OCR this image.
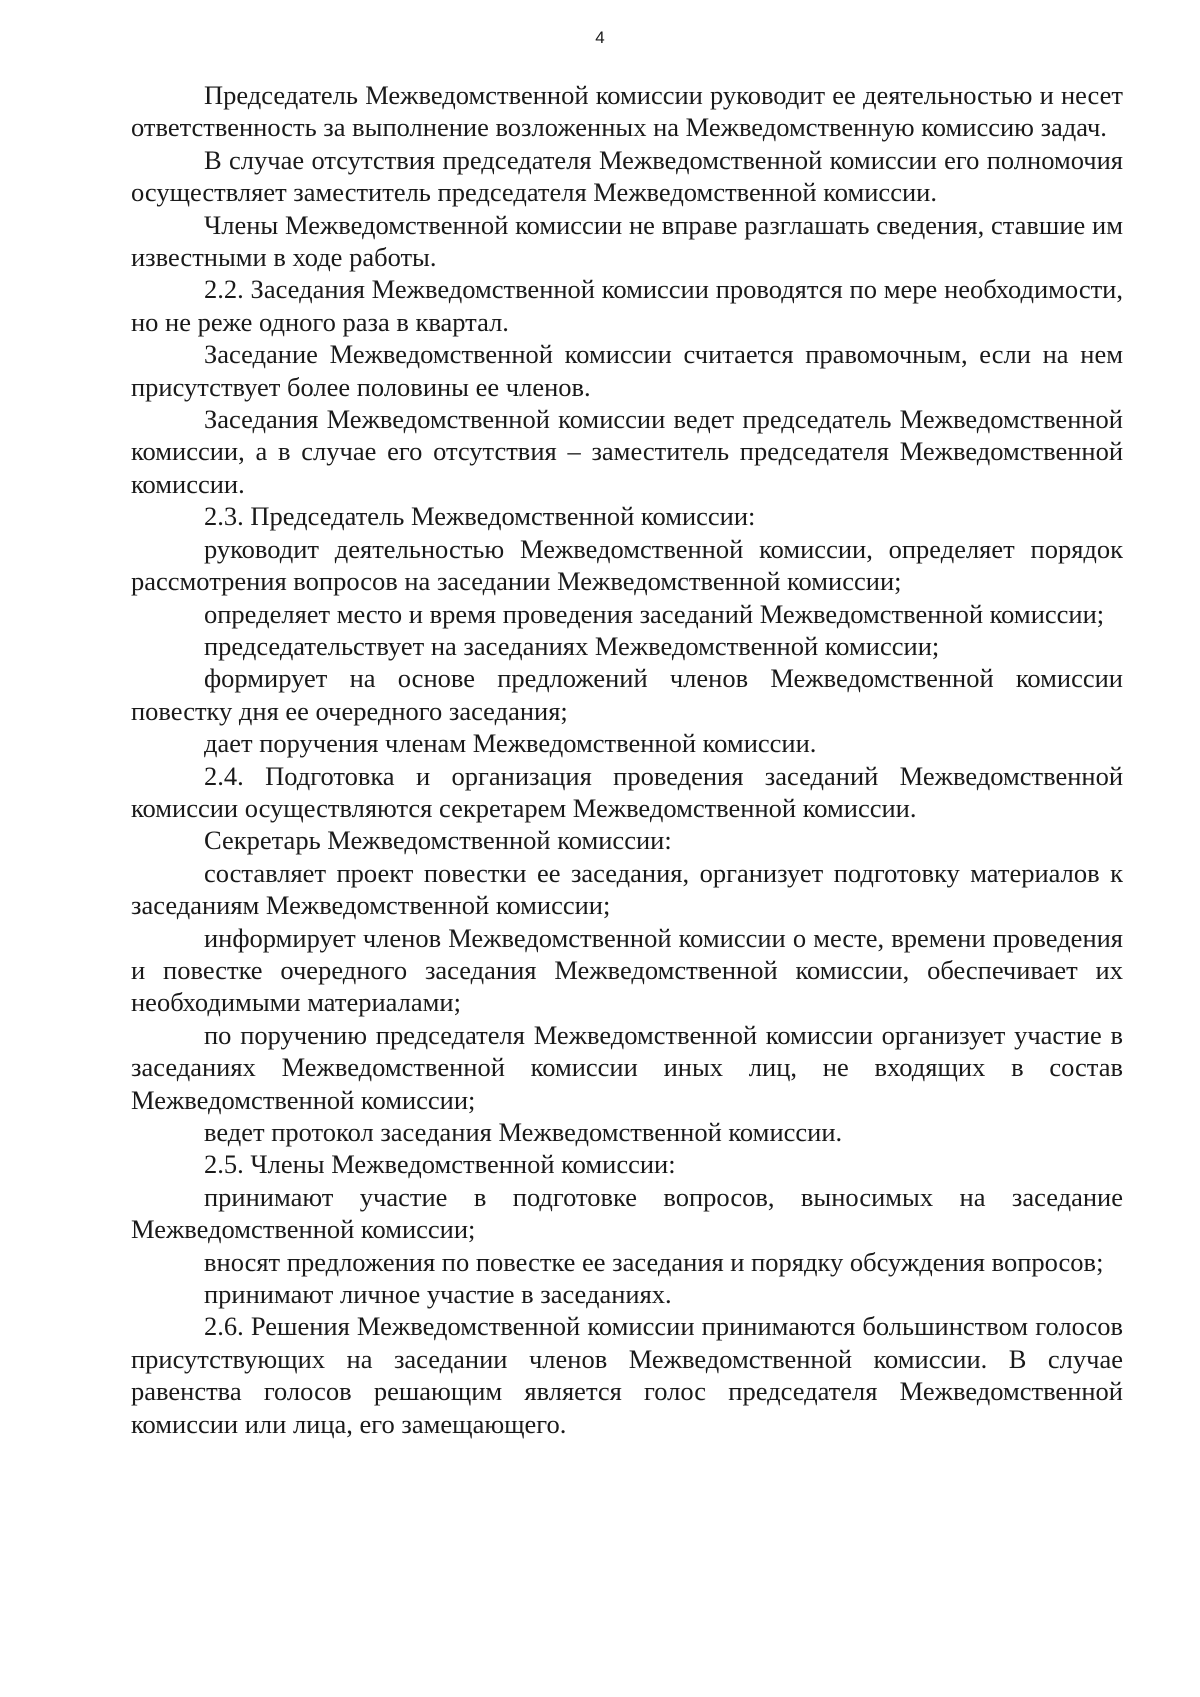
4

Председатель Межведомственной комиссии руководит ее деятельностью и несет ответственность за выполнение возложенных на Межведомственную комиссию задач.

В случае отсутствия председателя Межведомственной комиссии его полномочия осуществляет заместитель председателя Межведомственной комиссии.

Члены Межведомственной комиссии не вправе разглашать сведения, ставшие им известными в ходе работы.

2.2. Заседания Межведомственной комиссии проводятся по мере необходимости, но не реже одного раза в квартал.

Заседание Межведомственной комиссии считается правомочным, если на нем присутствует более половины ее членов.

Заседания Межведомственной комиссии ведет председатель Межведомственной комиссии, а в случае его отсутствия – заместитель председателя Межведомственной комиссии.

2.3. Председатель Межведомственной комиссии:

руководит деятельностью Межведомственной комиссии, определяет порядок рассмотрения вопросов на заседании Межведомственной комиссии;

определяет место и время проведения заседаний Межведомственной комиссии;

председательствует на заседаниях Межведомственной комиссии;

формирует на основе предложений членов Межведомственной комиссии повестку дня ее очередного заседания;

дает поручения членам Межведомственной комиссии.

2.4. Подготовка и организация проведения заседаний Межведомственной комиссии осуществляются секретарем Межведомственной комиссии.

Секретарь Межведомственной комиссии:

составляет проект повестки ее заседания, организует подготовку материалов к заседаниям Межведомственной комиссии;

информирует членов Межведомственной комиссии о месте, времени проведения и повестке очередного заседания Межведомственной комиссии, обеспечивает их необходимыми материалами;

по поручению председателя Межведомственной комиссии организует участие в заседаниях Межведомственной комиссии иных лиц, не входящих в состав Межведомственной комиссии;

ведет протокол заседания Межведомственной комиссии.

2.5. Члены Межведомственной комиссии:

принимают участие в подготовке вопросов, выносимых на заседание Межведомственной комиссии;

вносят предложения по повестке ее заседания и порядку обсуждения вопросов;

принимают личное участие в заседаниях.

2.6. Решения Межведомственной комиссии принимаются большинством голосов присутствующих на заседании членов Межведомственной комиссии. В случае равенства голосов решающим является голос председателя Межведомственной комиссии или лица, его замещающего.
